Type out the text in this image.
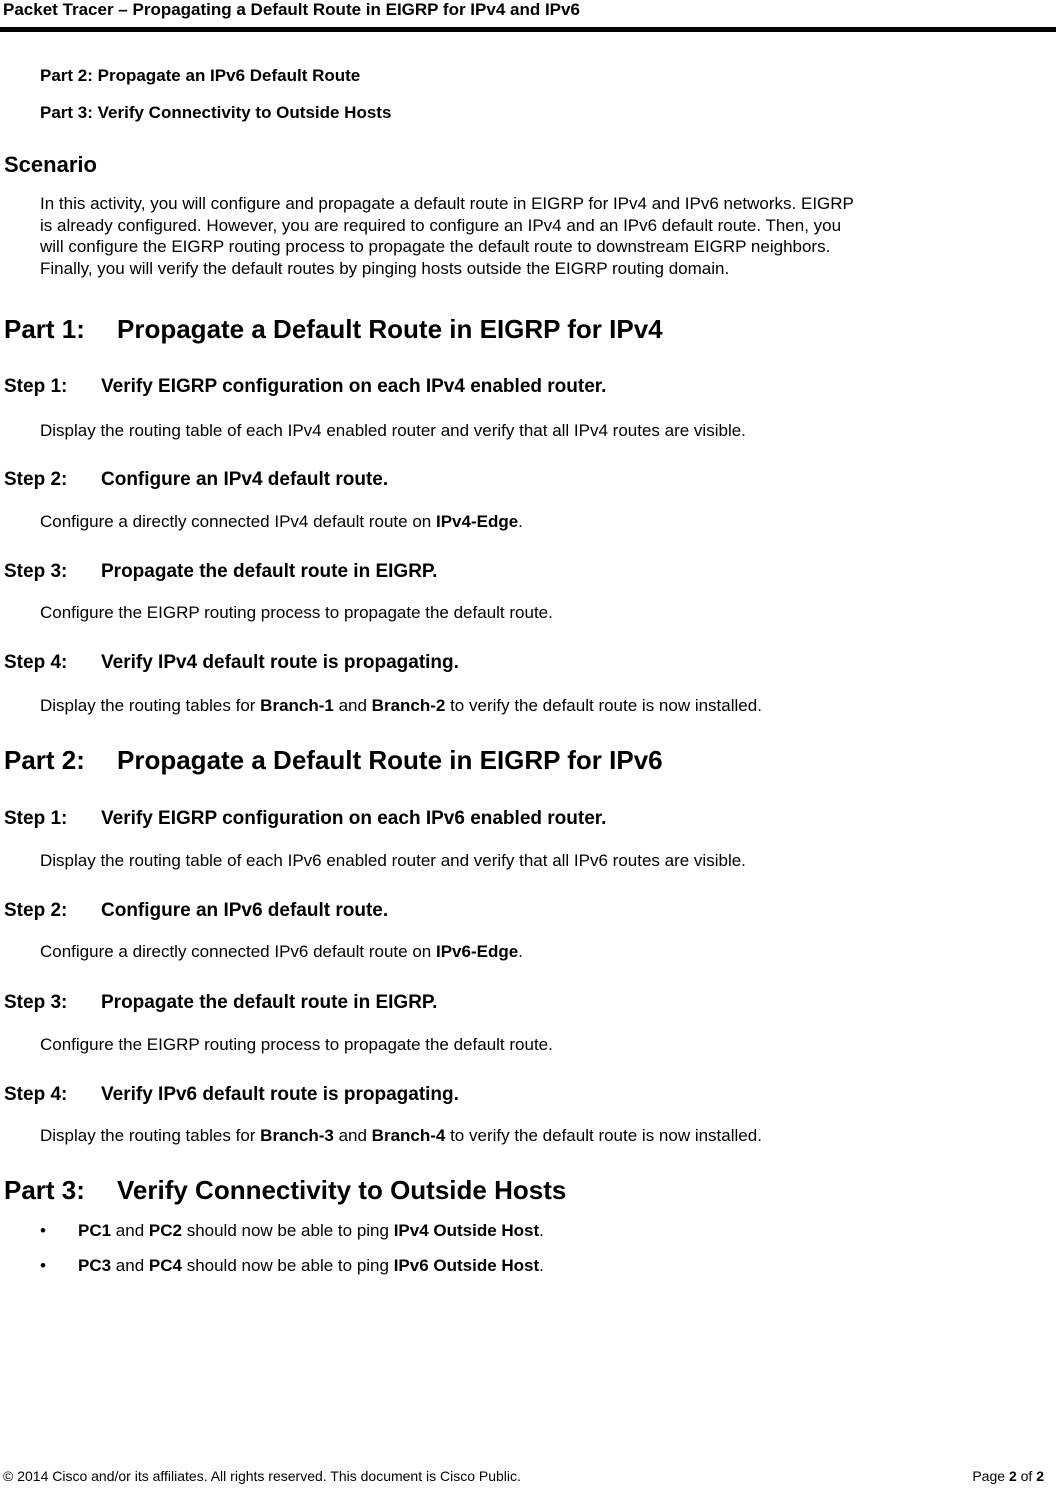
Packet Tracer – Propagating a Default Route in EIGRP for IPv4 and IPv6
Part 2: Propagate an IPv6 Default Route
Part 3: Verify Connectivity to Outside Hosts
Scenario
In this activity, you will configure and propagate a default route in EIGRP for IPv4 and IPv6 networks. EIGRP
is already configured. However, you are required to configure an IPv4 and an IPv6 default route. Then, you
will configure the EIGRP routing process to propagate the default route to downstream EIGRP neighbors.
Finally, you will verify the default routes by pinging hosts outside the EIGRP routing domain.
Part 1: Propagate a Default Route in EIGRP for IPv4
Step 1: Verify EIGRP configuration on each IPv4 enabled router.
Display the routing table of each IPv4 enabled router and verify that all IPv4 routes are visible.
Step 2: Configure an IPv4 default route.
Configure a directly connected IPv4 default route on IPv4-Edge.
Step 3: Propagate the default route in EIGRP.
Configure the EIGRP routing process to propagate the default route.
Step 4: Verify IPv4 default route is propagating.
Display the routing tables for Branch-1 and Branch-2 to verify the default route is now installed.
Part 2: Propagate a Default Route in EIGRP for IPv6
Step 1: Verify EIGRP configuration on each IPv6 enabled router.
Display the routing table of each IPv6 enabled router and verify that all IPv6 routes are visible.
Step 2: Configure an IPv6 default route.
Configure a directly connected IPv6 default route on IPv6-Edge.
Step 3: Propagate the default route in EIGRP.
Configure the EIGRP routing process to propagate the default route.
Step 4: Verify IPv6 default route is propagating.
Display the routing tables for Branch-3 and Branch-4 to verify the default route is now installed.
Part 3: Verify Connectivity to Outside Hosts
• PC1 and PC2 should now be able to ping IPv4 Outside Host.
• PC3 and PC4 should now be able to ping IPv6 Outside Host.
© 2014 Cisco and/or its affiliates. All rights reserved. This document is Cisco Public.	Page 2 of 2
